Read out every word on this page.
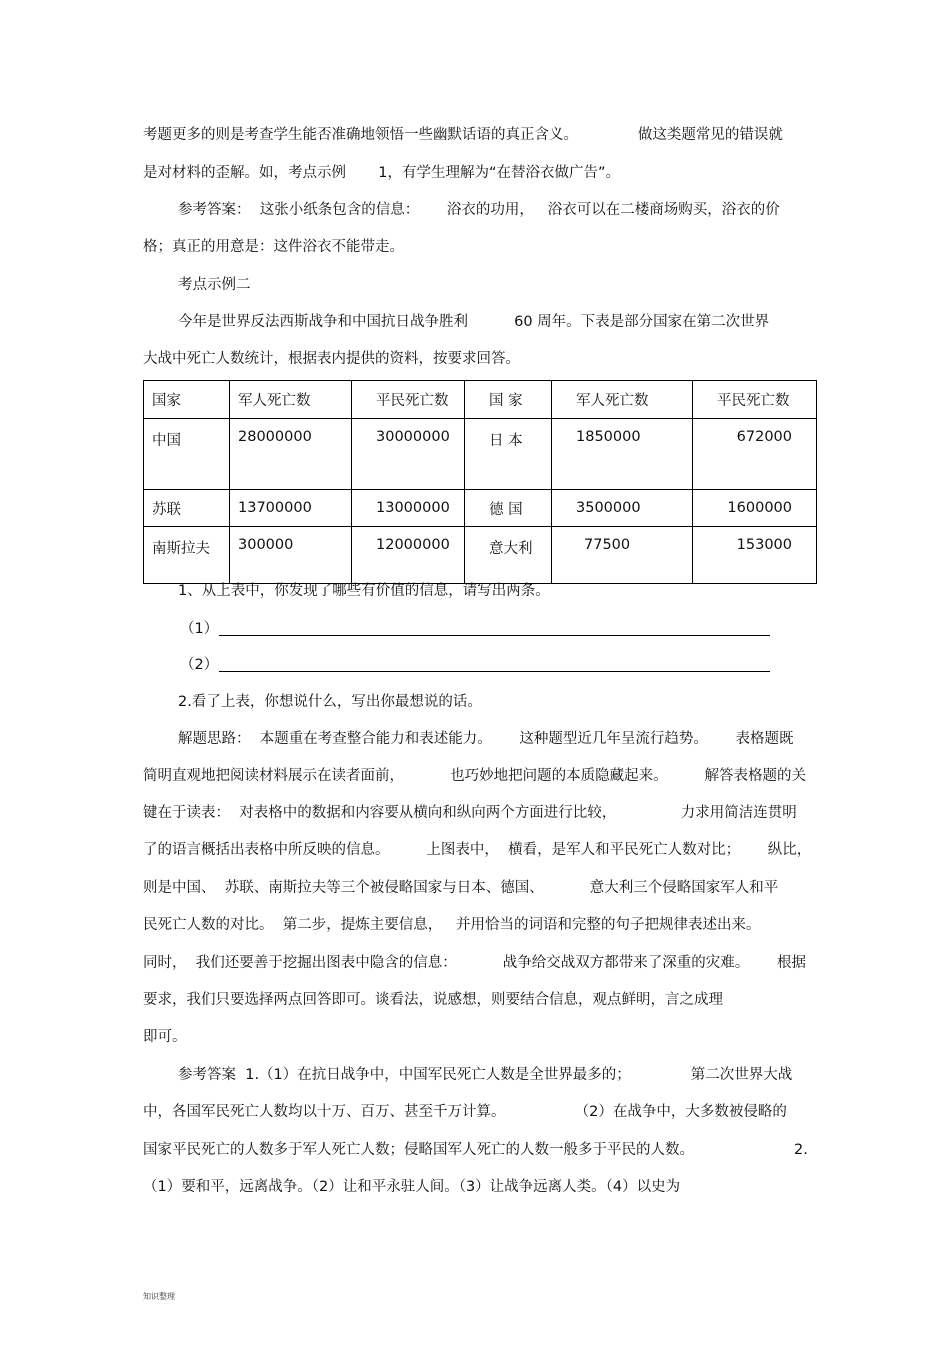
考题更多的则是考查学生能否准确地领悟一些幽默话语的真正含义。             做这类题常见的错误就
是对材料的歪解。如，考点示例       1，有学生理解为“在替浴衣做广告”。
参考答案：  这张小纸条包含的信息：      浴衣的功用，   浴衣可以在二楼商场购买，浴衣的价
格；真正的用意是：这件浴衣不能带走。
考点示例二
今年是世界反法西斯战争和中国抗日战争胜利          60 周年。下表是部分国家在第二次世界
大战中死亡人数统计，根据表内提供的资料，按要求回答。
国家	军人死亡数	平民死亡数	国 家	军人死亡数	平民死亡数
中国	28000000	30000000	日 本	1850000	672000
苏联	13700000	13000000	德 国	3500000	1600000
南斯拉夫	300000	12000000	意大利	77500	153000
1、从上表中，你发现了哪些有价值的信息，请写出两条。
（1）
（2）
2.看了上表，你想说什么，写出你最想说的话。
解题思路：  本题重在考查整合能力和表述能力。      这种题型近几年呈流行趋势。      表格题既
简明直观地把阅读材料展示在读者面前，          也巧妙地把问题的本质隐藏起来。        解答表格题的关
键在于读表：  对表格中的数据和内容要从横向和纵向两个方面进行比较，              力求用简洁连贯明
了的语言概括出表格中所反映的信息。        上图表中，  横看，是军人和平民死亡人数对比；      纵比，
则是中国、  苏联、南斯拉夫等三个被侵略国家与日本、德国、          意大利三个侵略国家军人和平
民死亡人数的对比。  第二步，提炼主要信息，   并用恰当的词语和完整的句子把规律表述出来。
同时，  我们还要善于挖掘出图表中隐含的信息：          战争给交战双方都带来了深重的灾难。      根据
要求，我们只要选择两点回答即可。谈看法，说感想，则要结合信息，观点鲜明，言之成理
即可。
参考答案  1.（1）在抗日战争中，中国军民死亡人数是全世界最多的；             第二次世界大战
中，各国军民死亡人数均以十万、百万、甚至千万计算。               （2）在战争中，大多数被侵略的
国家平民死亡的人数多于军人死亡人数；侵略国军人死亡的人数一般多于平民的人数。	2.
（1）要和平，远离战争。（2）让和平永驻人间。（3）让战争远离人类。（4）以史为
知识整理
